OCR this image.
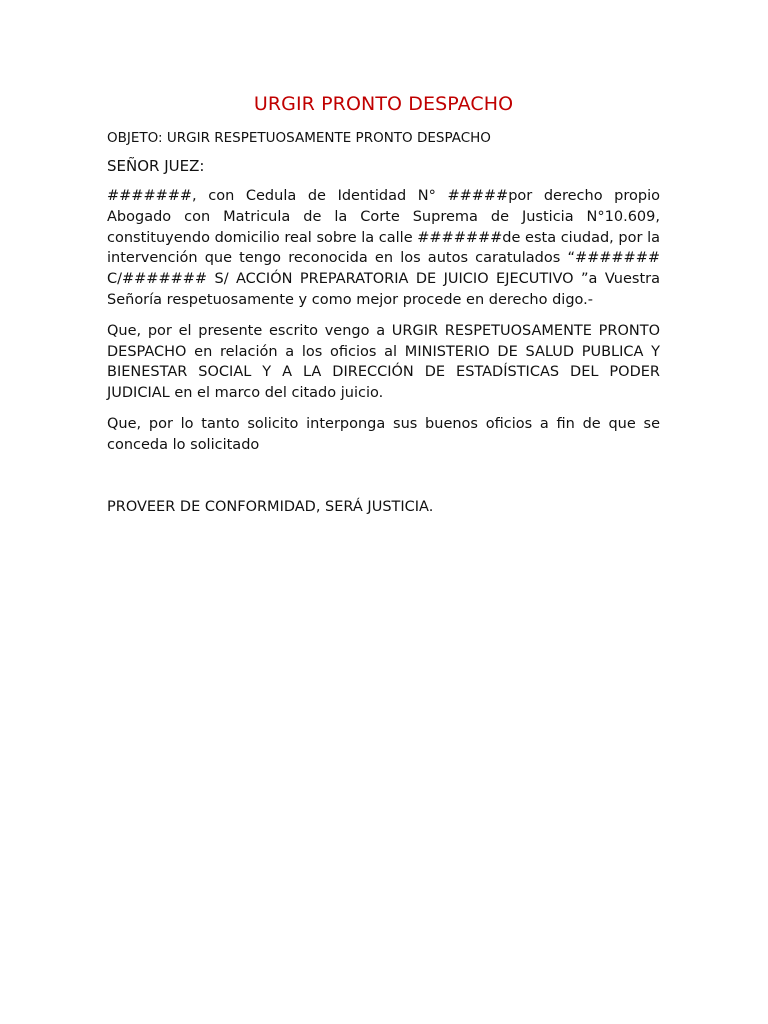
URGIR PRONTO DESPACHO

OBJETO: URGIR RESPETUOSAMENTE PRONTO DESPACHO

SEÑOR JUEZ:

#######, con Cedula de Identidad N° #####por derecho propio Abogado con Matricula de la Corte Suprema de Justicia N°10.609, constituyendo domicilio real sobre la calle #######de esta ciudad, por la intervención que tengo reconocida en los autos caratulados “####### C/####### S/ ACCIÓN PREPARATORIA DE JUICIO EJECUTIVO ”a Vuestra Señoría respetuosamente y como mejor procede en derecho digo.-

Que, por el presente escrito vengo a URGIR RESPETUOSAMENTE PRONTO DESPACHO en relación a los oficios al MINISTERIO DE SALUD PUBLICA Y BIENESTAR SOCIAL Y A LA DIRECCIÓN DE ESTADÍSTICAS DEL PODER JUDICIAL en el marco del citado juicio.

Que, por lo tanto solicito interponga sus buenos oficios a fin de que se conceda lo solicitado

PROVEER DE CONFORMIDAD, SERÁ JUSTICIA.
